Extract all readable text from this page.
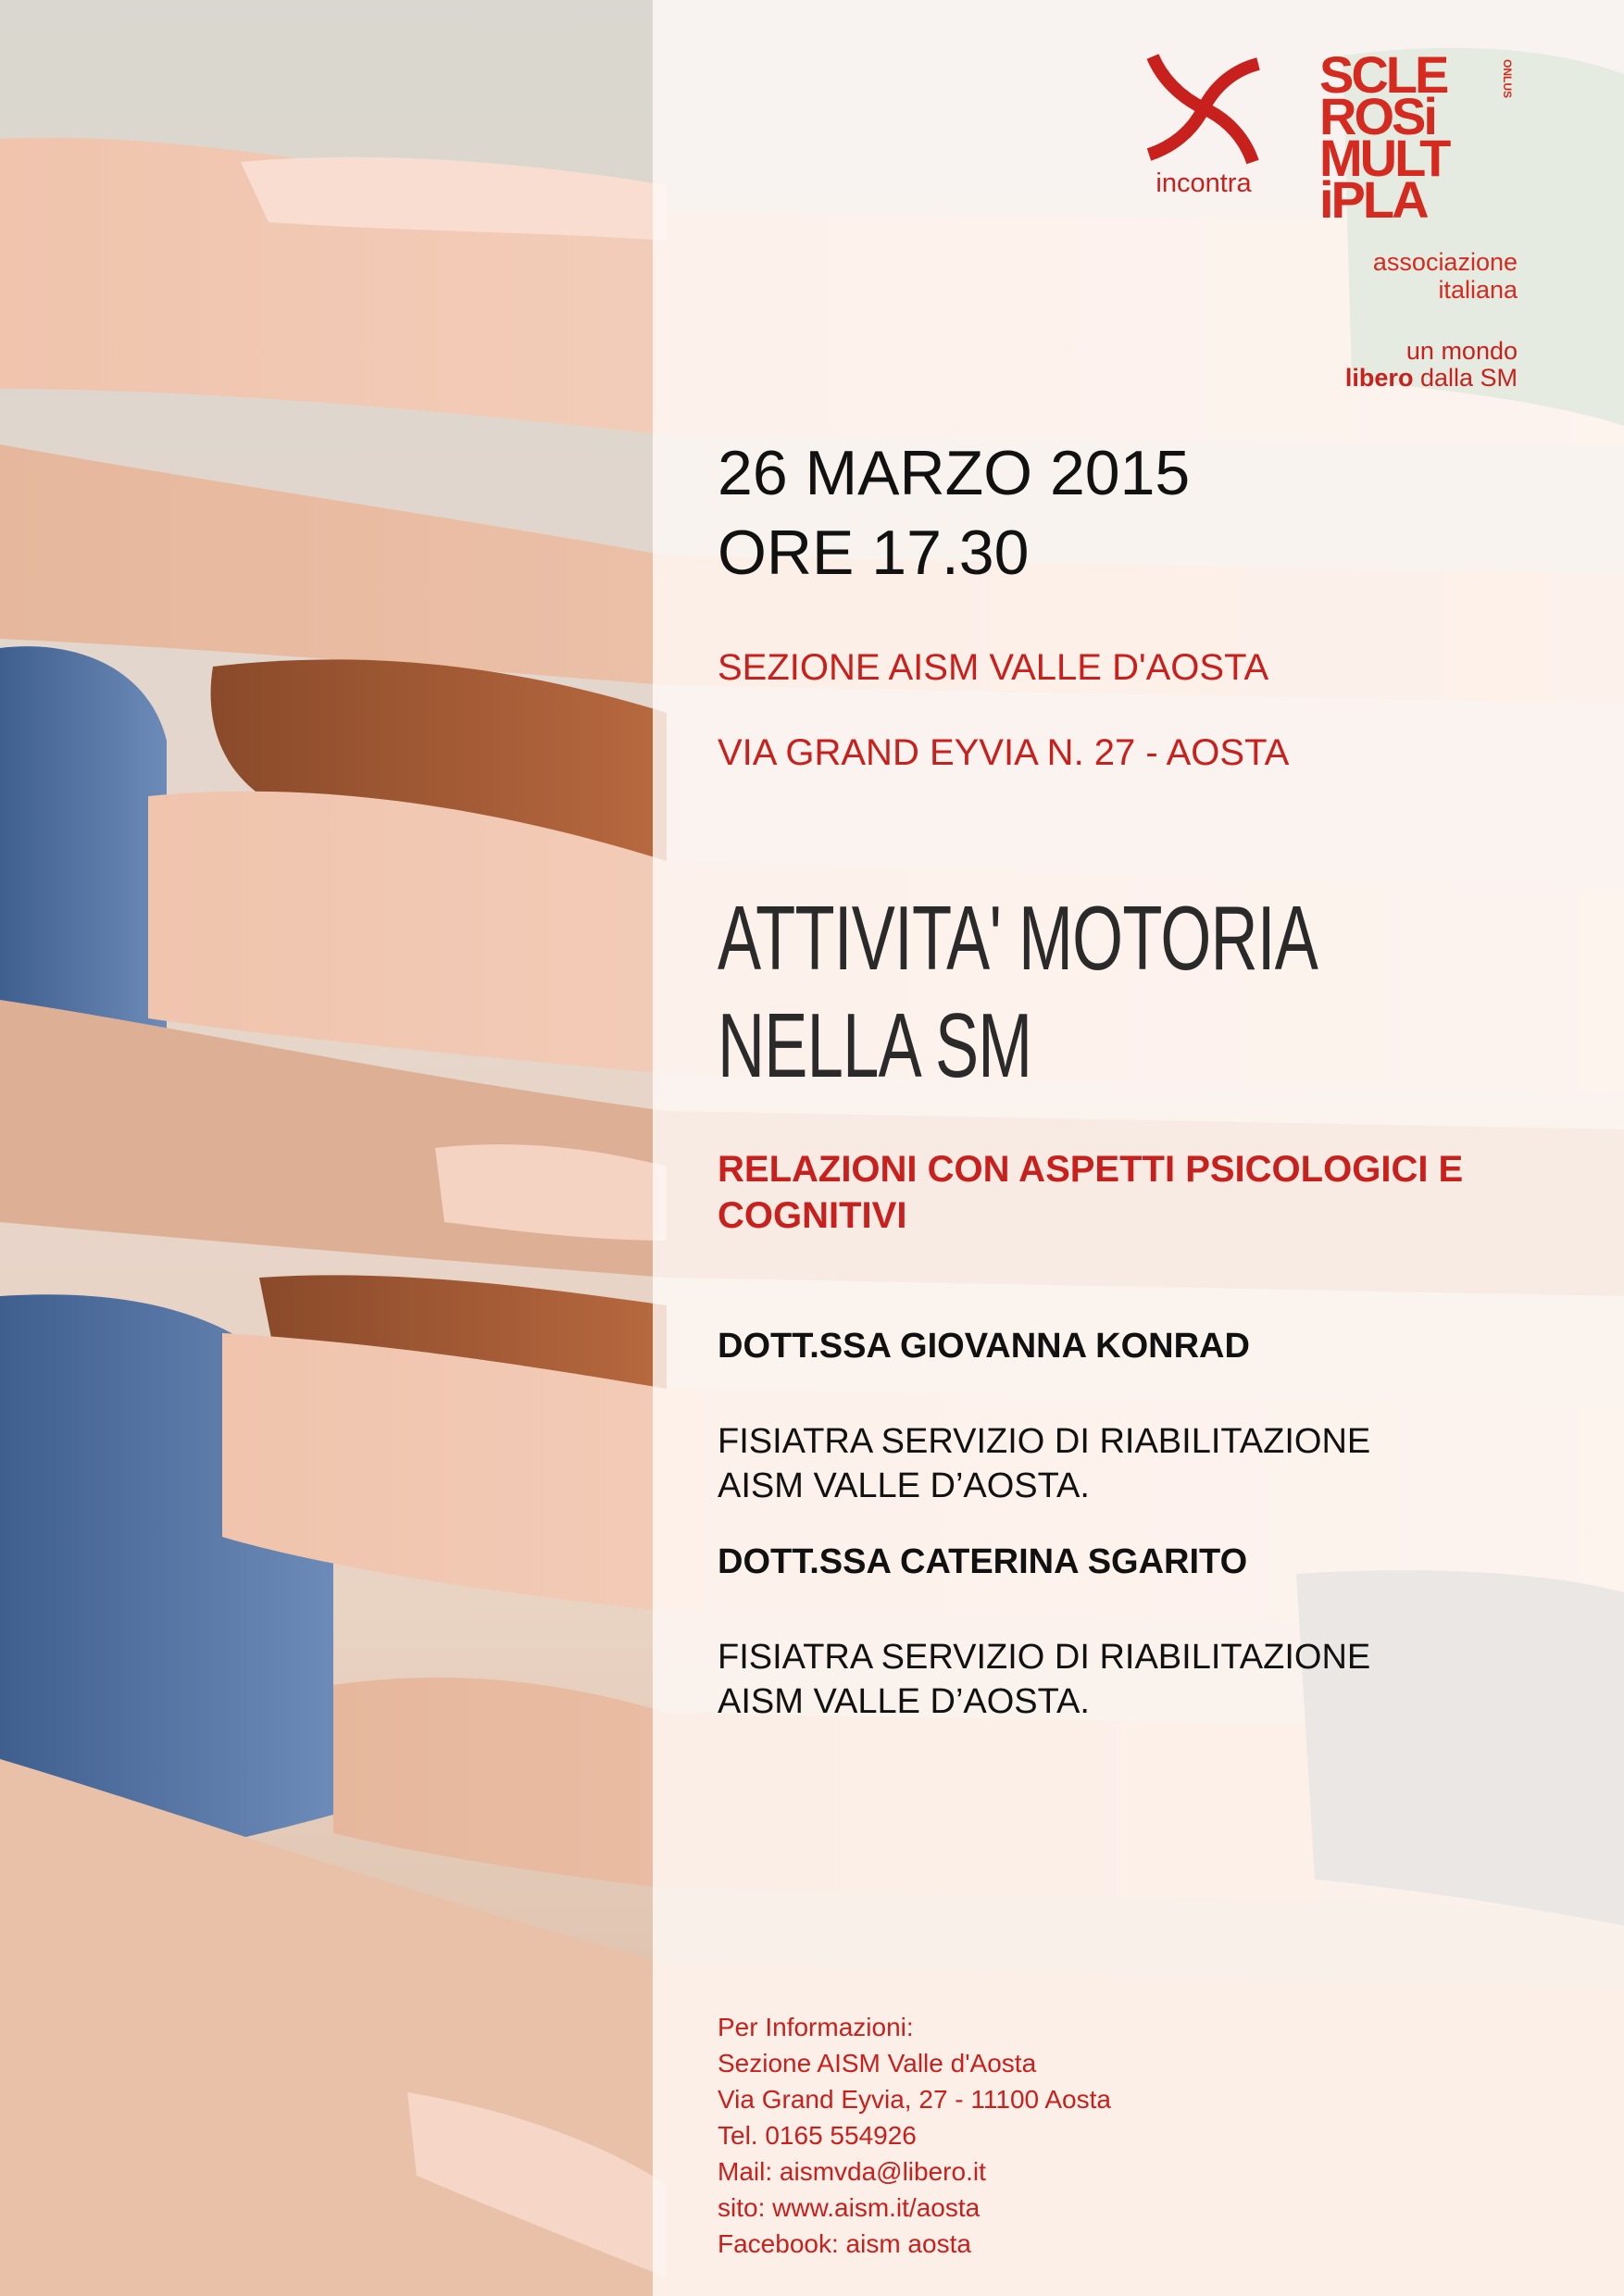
incontra
SCLE
ROSi
MULT
iPLA
ONLUS
associazione
italiana
un mondo
libero dalla SM
26 MARZO 2015
ORE 17.30
SEZIONE AISM VALLE D'AOSTA
VIA GRAND EYVIA N. 27 - AOSTA
ATTIVITA' MOTORIA
NELLA SM
RELAZIONI CON ASPETTI PSICOLOGICI E COGNITIVI
DOTT.SSA GIOVANNA KONRAD
FISIATRA SERVIZIO DI RIABILITAZIONE
AISM VALLE D’AOSTA.
DOTT.SSA CATERINA SGARITO
FISIATRA SERVIZIO DI RIABILITAZIONE
AISM VALLE D’AOSTA.
Per Informazioni:
Sezione AISM Valle d'Aosta
Via Grand Eyvia, 27 - 11100 Aosta
Tel. 0165 554926
Mail: aismvda@libero.it
sito: www.aism.it/aosta
Facebook: aism aosta
